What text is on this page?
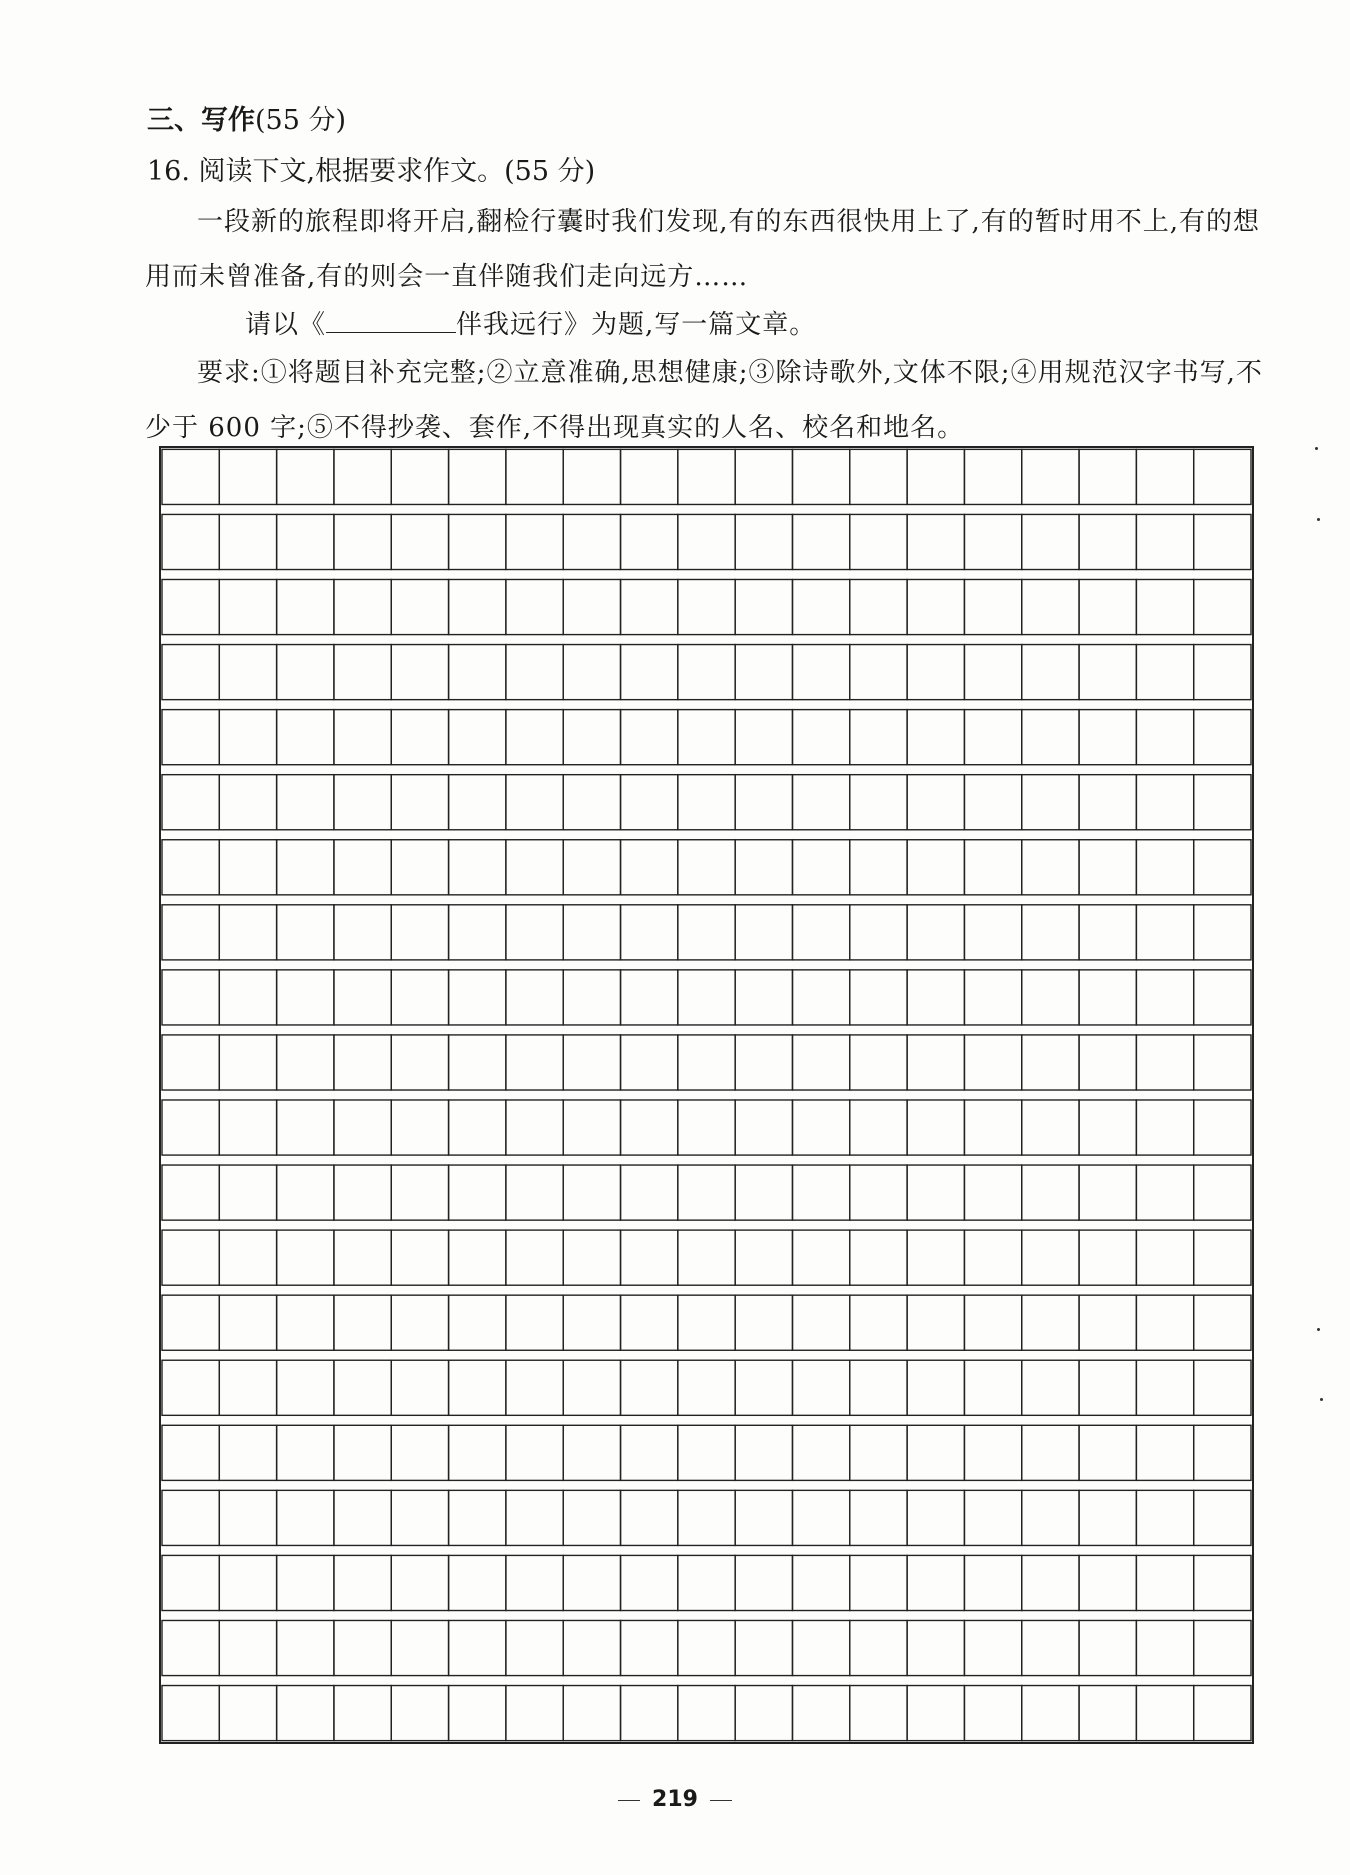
三、写作(55 分)
16. 阅读下文,根据要求作文。(55 分)
一段新的旅程即将开启,翻检行囊时我们发现,有的东西很快用上了,有的暂时用不上,有的想用而未曾准备,有的则会一直伴随我们走向远方……
请以《	伴我远行》为题,写一篇文章。
要求:①将题目补充完整;②立意准确,思想健康;③除诗歌外,文体不限;④用规范汉字书写,不少于 600 字;⑤不得抄袭、套作,不得出现真实的人名、校名和地名。
219
